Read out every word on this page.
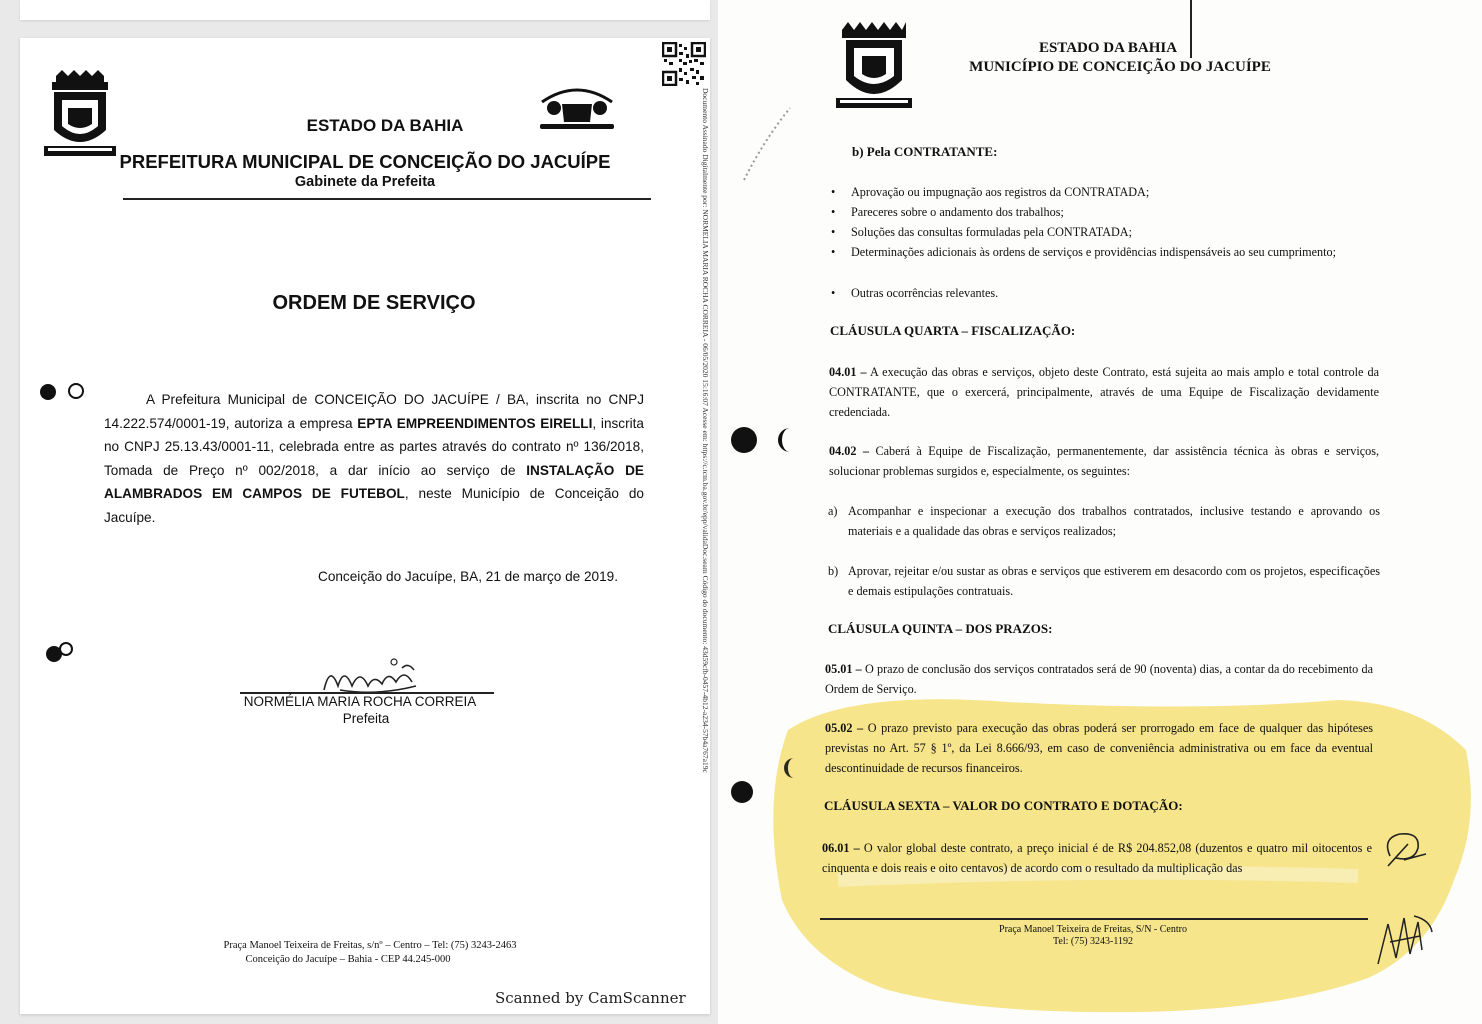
ESTADO DA BAHIA
PREFEITURA MUNICIPAL DE CONCEIÇÃO DO JACUÍPE
Gabinete da Prefeita
ORDEM DE SERVIÇO
A Prefeitura Municipal de CONCEIÇÃO DO JACUÍPE / BA, inscrita no CNPJ 14.222.574/0001-19, autoriza a empresa EPTA EMPREENDIMENTOS EIRELLI, inscrita no CNPJ 25.13.43/0001-11, celebrada entre as partes através do contrato nº 136/2018, Tomada de Preço nº 002/2018, a dar início ao serviço de INSTALAÇÃO DE ALAMBRADOS EM CAMPOS DE FUTEBOL, neste Município de Conceição do Jacuípe.
Conceição do Jacuípe, BA, 21 de março de 2019.
NORMÉLIA MARIA ROCHA CORREIA
Prefeita
Praça Manoel Teixeira de Freitas, s/nº – Centro – Tel: (75) 3243-2463
Conceição do Jacuípe – Bahia - CEP 44.245-000
Scanned by CamScanner
Documento Assinado Digitalmente por: NORMELIA MARIA ROCHA CORREIA - 06/05/2020 15:16:07 Acesse em: https://c.tcm.ba.gov.br/epp/validaDoc.seam Código do documento: 43d59cfb-0457-4b12-a234-57b4a767a19c
ESTADO DA BAHIA
MUNICÍPIO DE CONCEIÇÃO DO JACUÍPE
b) Pela CONTRATANTE:
• Aprovação ou impugnação aos registros da CONTRATADA;
• Pareceres sobre o andamento dos trabalhos;
• Soluções das consultas formuladas pela CONTRATADA;
• Determinações adicionais às ordens de serviços e providências indispensáveis ao seu cumprimento;
• Outras ocorrências relevantes.
CLÁUSULA QUARTA – FISCALIZAÇÃO:
04.01 – A execução das obras e serviços, objeto deste Contrato, está sujeita ao mais amplo e total controle da CONTRATANTE, que o exercerá, principalmente, através de uma Equipe de Fiscalização devidamente credenciada.
04.02 – Caberá à Equipe de Fiscalização, permanentemente, dar assistência técnica às obras e serviços, solucionar problemas surgidos e, especialmente, os seguintes:
a) Acompanhar e inspecionar a execução dos trabalhos contratados, inclusive testando e aprovando os materiais e a qualidade das obras e serviços realizados;
b) Aprovar, rejeitar e/ou sustar as obras e serviços que estiverem em desacordo com os projetos, especificações e demais estipulações contratuais.
CLÁUSULA QUINTA – DOS PRAZOS:
05.01 – O prazo de conclusão dos serviços contratados será de 90 (noventa) dias, a contar da do recebimento da Ordem de Serviço.
05.02 – O prazo previsto para execução das obras poderá ser prorrogado em face de qualquer das hipóteses previstas no Art. 57 § 1º, da Lei 8.666/93, em caso de conveniência administrativa ou em face da eventual descontinuidade de recursos financeiros.
CLÁUSULA SEXTA – VALOR DO CONTRATO E DOTAÇÃO:
06.01 – O valor global deste contrato, a preço inicial é de R$ 204.852,08 (duzentos e quatro mil oitocentos e cinquenta e dois reais e oito centavos) de acordo com o resultado da multiplicação das
Praça Manoel Teixeira de Freitas, S/N - Centro
Tel: (75) 3243-1192
